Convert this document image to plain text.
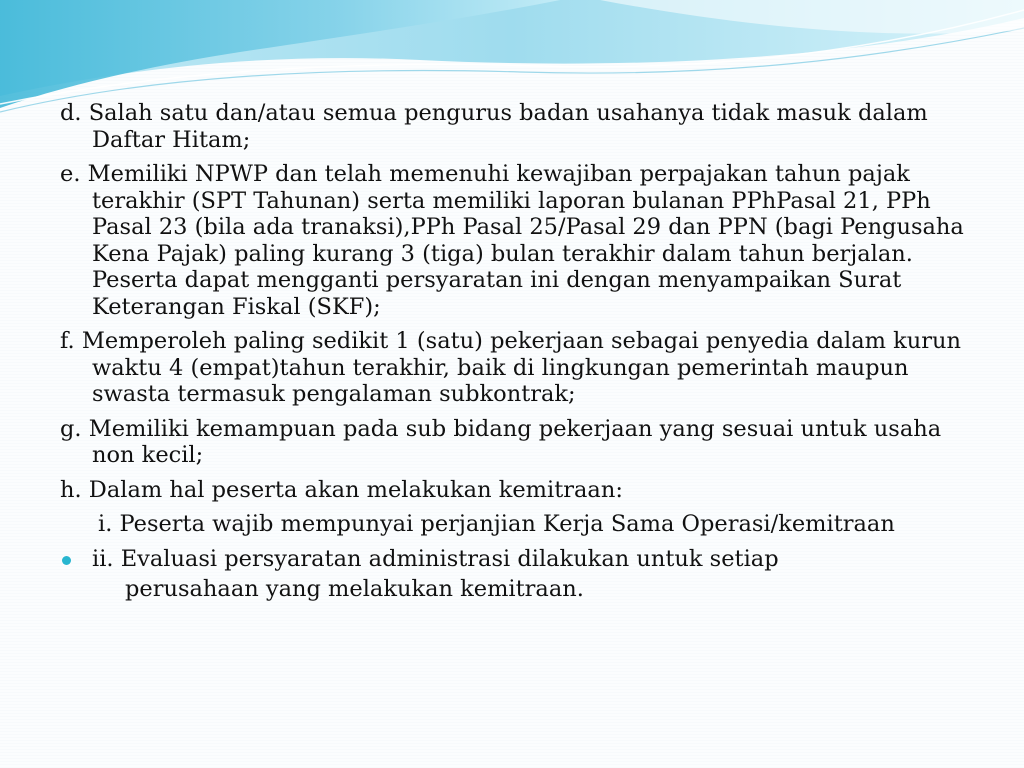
d. Salah satu dan/atau semua pengurus badan usahanya tidak masuk dalam Daftar Hitam;

e. Memiliki NPWP dan telah memenuhi kewajiban perpajakan tahun pajak terakhir (SPT Tahunan) serta memiliki laporan bulanan PPhPasal 21, PPh Pasal 23 (bila ada tranaksi),PPh Pasal 25/Pasal 29 dan PPN (bagi Pengusaha Kena Pajak) paling kurang 3 (tiga) bulan terakhir dalam tahun berjalan. Peserta dapat mengganti persyaratan ini dengan menyampaikan Surat Keterangan Fiskal (SKF);

f. Memperoleh paling sedikit 1 (satu) pekerjaan sebagai penyedia dalam kurun waktu 4 (empat)tahun terakhir, baik di lingkungan pemerintah maupun swasta termasuk pengalaman subkontrak;

g. Memiliki kemampuan pada sub bidang pekerjaan yang sesuai untuk usaha non kecil;

h. Dalam hal peserta akan melakukan kemitraan:

i. Peserta wajib mempunyai perjanjian Kerja Sama Operasi/kemitraan

ii. Evaluasi persyaratan administrasi dilakukan untuk setiap

perusahaan yang melakukan kemitraan.
